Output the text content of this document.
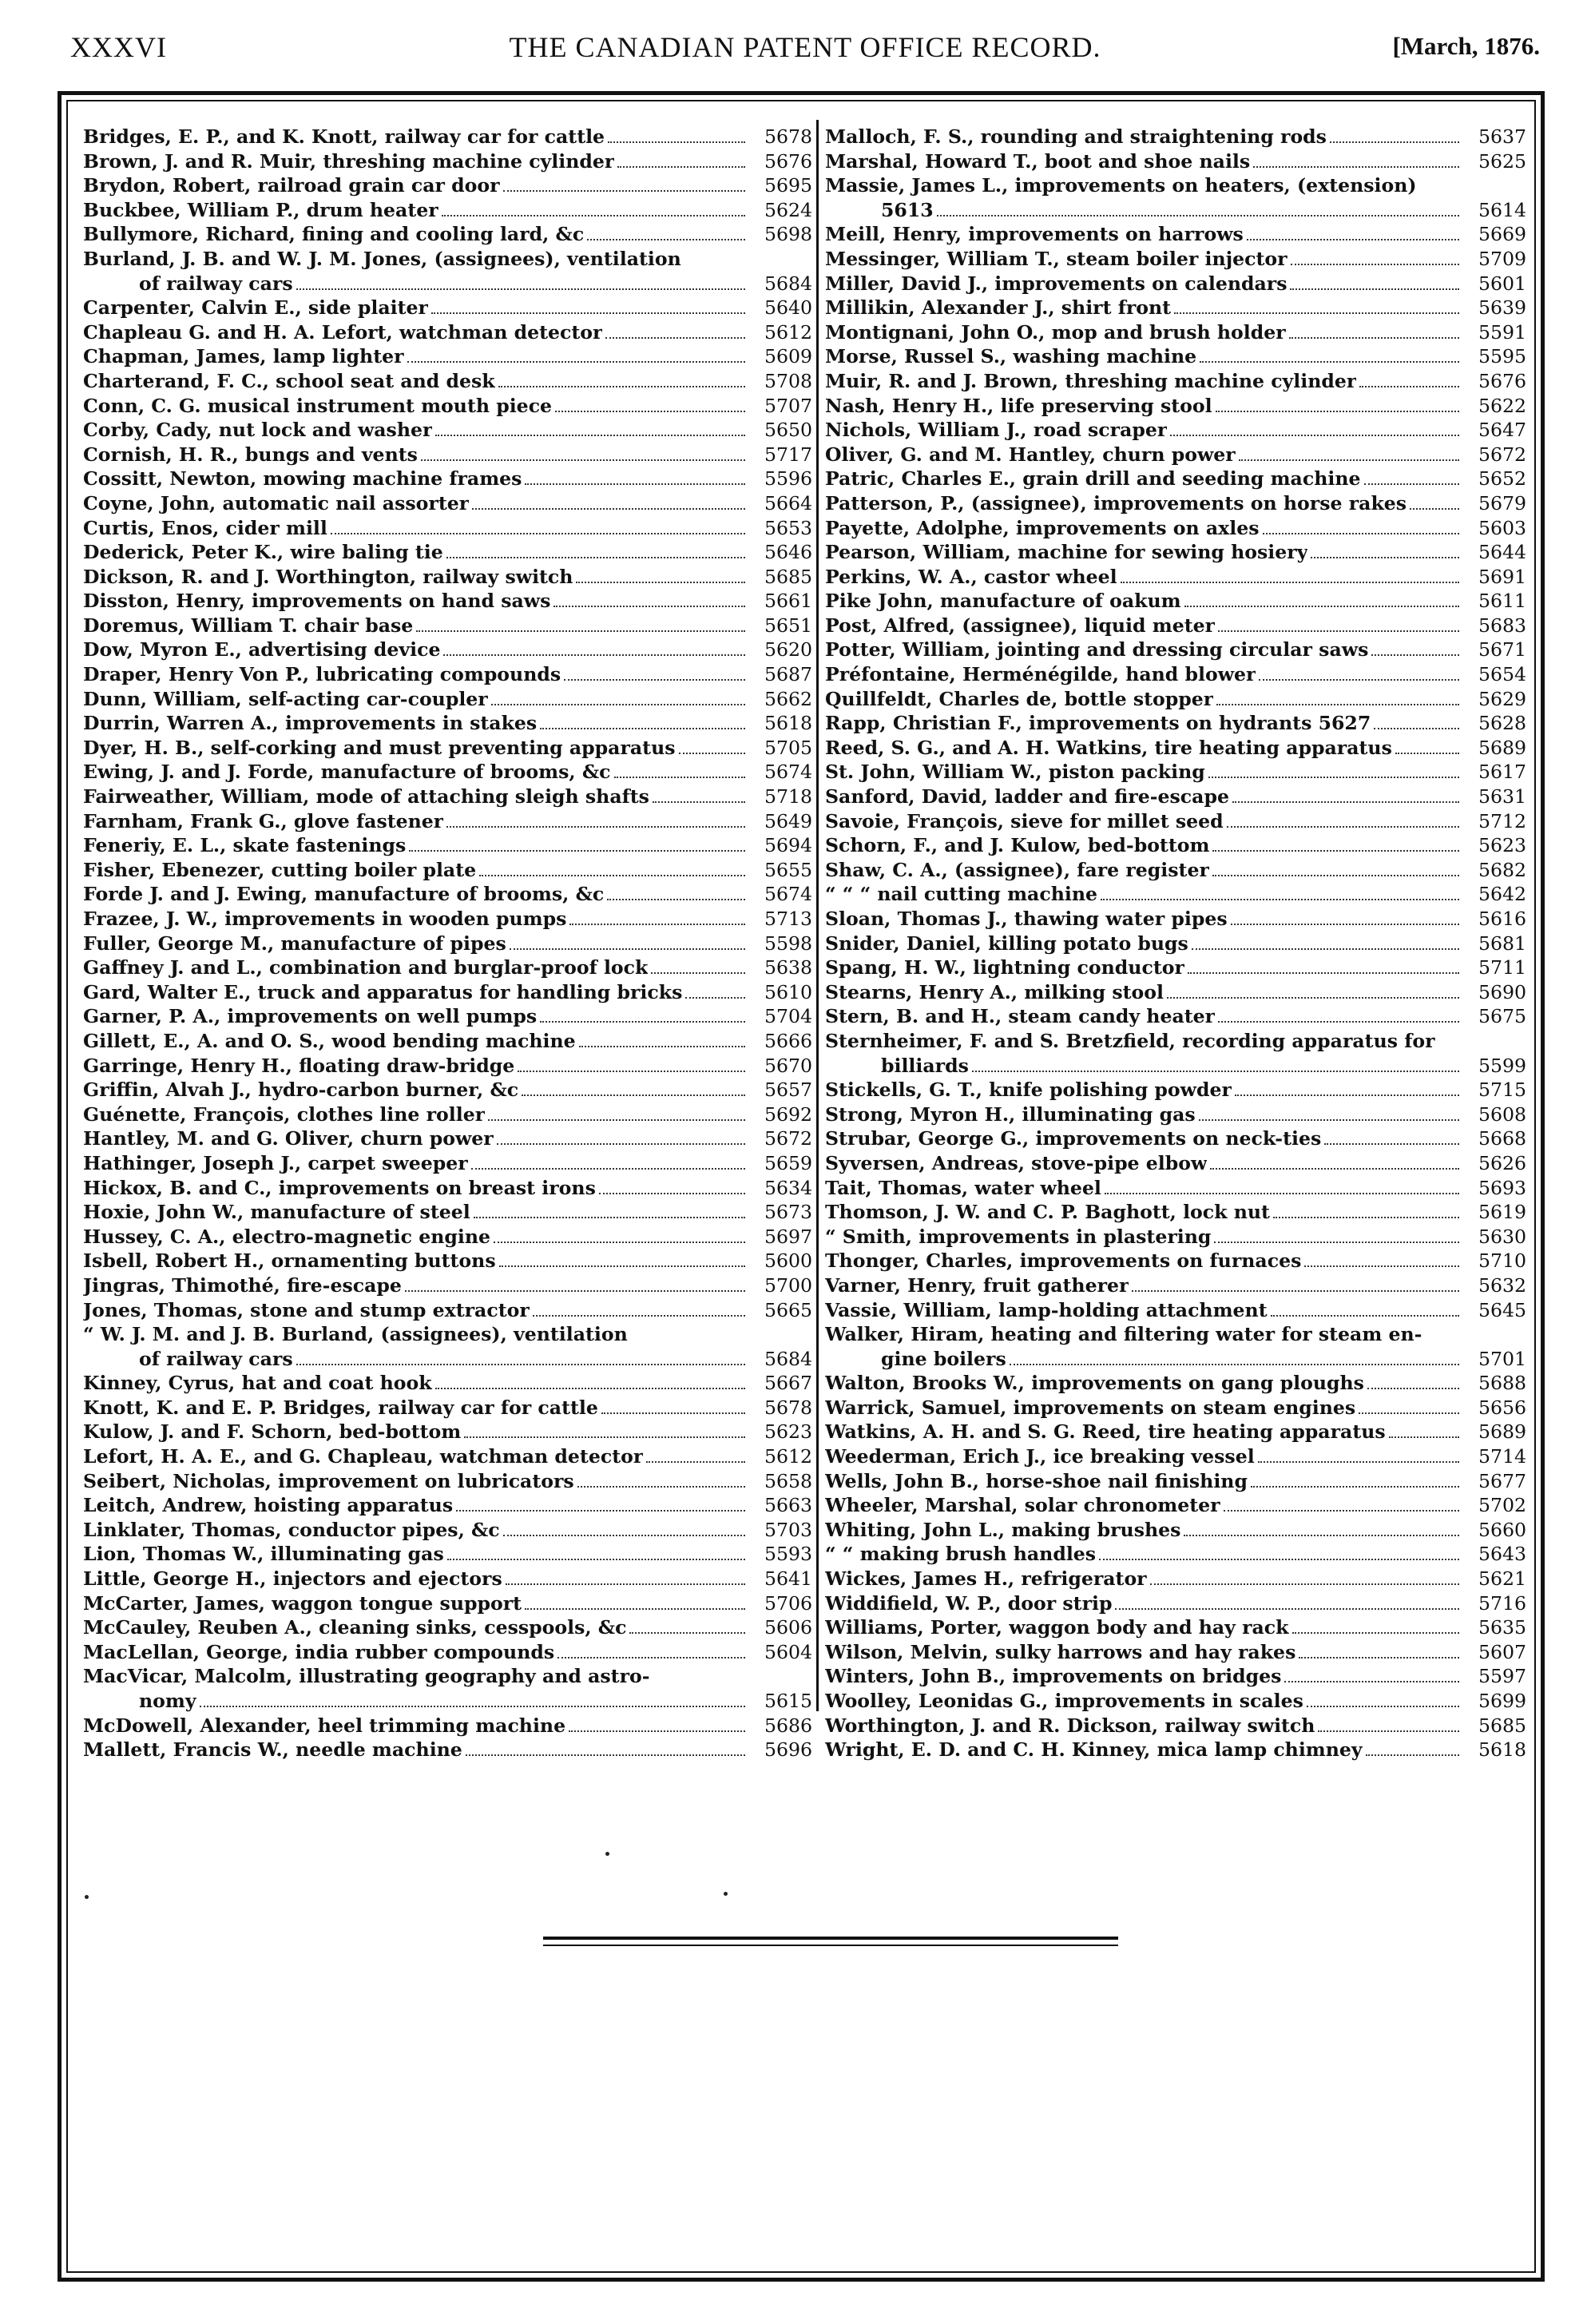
XXXVI	THE CANADIAN PATENT OFFICE RECORD.	[March, 1876.
Bridges, E. P., and K. Knott, railway car for cattle	5678
Brown, J. and R. Muir, threshing machine cylinder	5676
Brydon, Robert, railroad grain car door	5695
Buckbee, William P., drum heater	5624
Bullymore, Richard, fining and cooling lard, &c	5698
Burland, J. B. and W. J. M. Jones, (assignees), ventilation
of railway cars	5684
Carpenter, Calvin E., side plaiter	5640
Chapleau G. and H. A. Lefort, watchman detector	5612
Chapman, James, lamp lighter	5609
Charterand, F. C., school seat and desk	5708
Conn, C. G. musical instrument mouth piece	5707
Corby, Cady, nut lock and washer	5650
Cornish, H. R., bungs and vents	5717
Cossitt, Newton, mowing machine frames	5596
Coyne, John, automatic nail assorter	5664
Curtis, Enos, cider mill	5653
Dederick, Peter K., wire baling tie	5646
Dickson, R. and J. Worthington, railway switch	5685
Disston, Henry, improvements on hand saws	5661
Doremus, William T. chair base	5651
Dow, Myron E., advertising device	5620
Draper, Henry Von P., lubricating compounds	5687
Dunn, William, self-acting car-coupler	5662
Durrin, Warren A., improvements in stakes	5618
Dyer, H. B., self-corking and must preventing apparatus	5705
Ewing, J. and J. Forde, manufacture of brooms, &c	5674
Fairweather, William, mode of attaching sleigh shafts	5718
Farnham, Frank G., glove fastener	5649
Feneriy, E. L., skate fastenings	5694
Fisher, Ebenezer, cutting boiler plate	5655
Forde J. and J. Ewing, manufacture of brooms, &c	5674
Frazee, J. W., improvements in wooden pumps	5713
Fuller, George M., manufacture of pipes	5598
Gaffney J. and L., combination and burglar-proof lock	5638
Gard, Walter E., truck and apparatus for handling bricks	5610
Garner, P. A., improvements on well pumps	5704
Gillett, E., A. and O. S., wood bending machine	5666
Garringe, Henry H., floating draw-bridge	5670
Griffin, Alvah J., hydro-carbon burner, &c	5657
Guénette, François, clothes line roller	5692
Hantley, M. and G. Oliver, churn power	5672
Hathinger, Joseph J., carpet sweeper	5659
Hickox, B. and C., improvements on breast irons	5634
Hoxie, John W., manufacture of steel	5673
Hussey, C. A., electro-magnetic engine	5697
Isbell, Robert H., ornamenting buttons	5600
Jingras, Thimothé, fire-escape	5700
Jones, Thomas, stone and stump extractor	5665
“ W. J. M. and J. B. Burland, (assignees), ventilation
of railway cars	5684
Kinney, Cyrus, hat and coat hook	5667
Knott, K. and E. P. Bridges, railway car for cattle	5678
Kulow, J. and F. Schorn, bed-bottom	5623
Lefort, H. A. E., and G. Chapleau, watchman detector	5612
Seibert, Nicholas, improvement on lubricators	5658
Leitch, Andrew, hoisting apparatus	5663
Linklater, Thomas, conductor pipes, &c	5703
Lion, Thomas W., illuminating gas	5593
Little, George H., injectors and ejectors	5641
McCarter, James, waggon tongue support	5706
McCauley, Reuben A., cleaning sinks, cesspools, &c	5606
MacLellan, George, india rubber compounds	5604
MacVicar, Malcolm, illustrating geography and astro-
nomy	5615
McDowell, Alexander, heel trimming machine	5686
Mallett, Francis W., needle machine	5696
Malloch, F. S., rounding and straightening rods	5637
Marshal, Howard T., boot and shoe nails	5625
Massie, James L., improvements on heaters, (extension)
5613	5614
Meill, Henry, improvements on harrows	5669
Messinger, William T., steam boiler injector	5709
Miller, David J., improvements on calendars	5601
Millikin, Alexander J., shirt front	5639
Montignani, John O., mop and brush holder	5591
Morse, Russel S., washing machine	5595
Muir, R. and J. Brown, threshing machine cylinder	5676
Nash, Henry H., life preserving stool	5622
Nichols, William J., road scraper	5647
Oliver, G. and M. Hantley, churn power	5672
Patric, Charles E., grain drill and seeding machine	5652
Patterson, P., (assignee), improvements on horse rakes	5679
Payette, Adolphe, improvements on axles	5603
Pearson, William, machine for sewing hosiery	5644
Perkins, W. A., castor wheel	5691
Pike John, manufacture of oakum	5611
Post, Alfred, (assignee), liquid meter	5683
Potter, William, jointing and dressing circular saws	5671
Préfontaine, Herménégilde, hand blower	5654
Quillfeldt, Charles de, bottle stopper	5629
Rapp, Christian F., improvements on hydrants 5627	5628
Reed, S. G., and A. H. Watkins, tire heating apparatus	5689
St. John, William W., piston packing	5617
Sanford, David, ladder and fire-escape	5631
Savoie, François, sieve for millet seed	5712
Schorn, F., and J. Kulow, bed-bottom	5623
Shaw, C. A., (assignee), fare register	5682
“ “ “ nail cutting machine	5642
Sloan, Thomas J., thawing water pipes	5616
Snider, Daniel, killing potato bugs	5681
Spang, H. W., lightning conductor	5711
Stearns, Henry A., milking stool	5690
Stern, B. and H., steam candy heater	5675
Sternheimer, F. and S. Bretzfield, recording apparatus for
billiards	5599
Stickells, G. T., knife polishing powder	5715
Strong, Myron H., illuminating gas	5608
Strubar, George G., improvements on neck-ties	5668
Syversen, Andreas, stove-pipe elbow	5626
Tait, Thomas, water wheel	5693
Thomson, J. W. and C. P. Baghott, lock nut	5619
“ Smith, improvements in plastering	5630
Thonger, Charles, improvements on furnaces	5710
Varner, Henry, fruit gatherer	5632
Vassie, William, lamp-holding attachment	5645
Walker, Hiram, heating and filtering water for steam en-
gine boilers	5701
Walton, Brooks W., improvements on gang ploughs	5688
Warrick, Samuel, improvements on steam engines	5656
Watkins, A. H. and S. G. Reed, tire heating apparatus	5689
Weederman, Erich J., ice breaking vessel	5714
Wells, John B., horse-shoe nail finishing	5677
Wheeler, Marshal, solar chronometer	5702
Whiting, John L., making brushes	5660
“ “ making brush handles	5643
Wickes, James H., refrigerator	5621
Widdifield, W. P., door strip	5716
Williams, Porter, waggon body and hay rack	5635
Wilson, Melvin, sulky harrows and hay rakes	5607
Winters, John B., improvements on bridges	5597
Woolley, Leonidas G., improvements in scales	5699
Worthington, J. and R. Dickson, railway switch	5685
Wright, E. D. and C. H. Kinney, mica lamp chimney	5618
